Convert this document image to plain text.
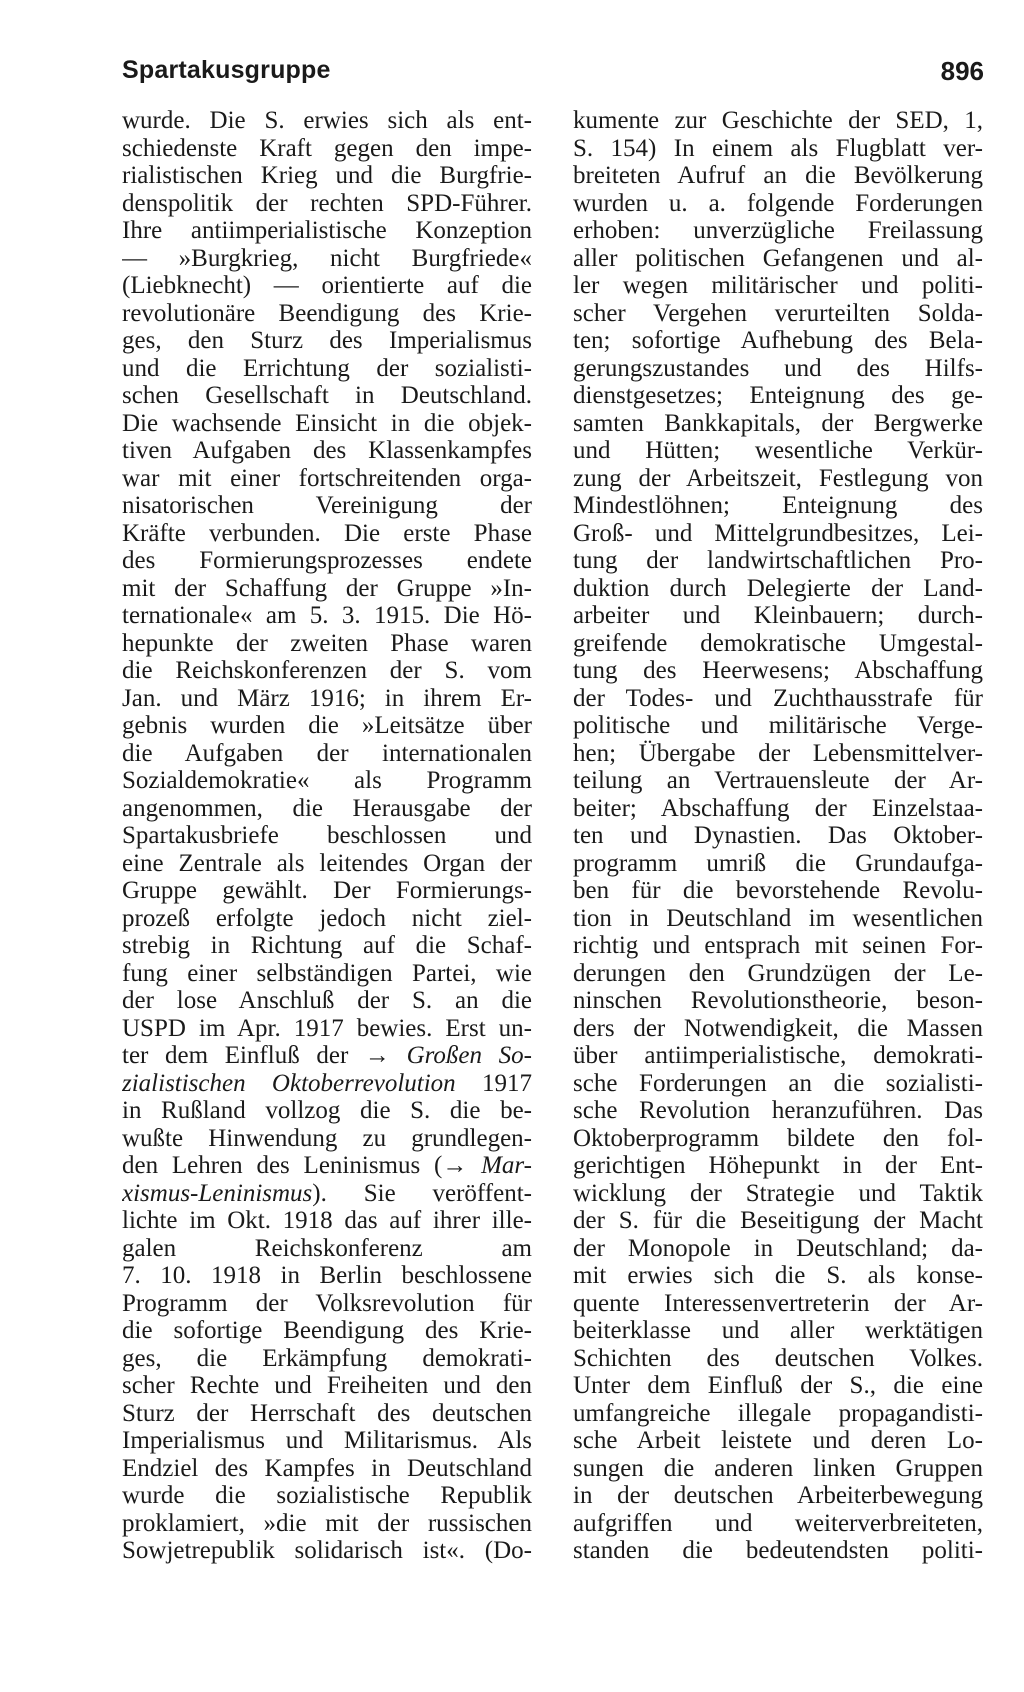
Spartakusgruppe	896
wurde. Die S. erwies sich als ent-
schiedenste Kraft gegen den impe-
rialistischen Krieg und die Burgfrie-
denspolitik der rechten SPD-Führer.
Ihre antiimperialistische Konzeption
— »Burgkrieg, nicht Burgfriede«
(Liebknecht) — orientierte auf die
revolutionäre Beendigung des Krie-
ges, den Sturz des Imperialismus
und die Errichtung der sozialisti-
schen Gesellschaft in Deutschland.
Die wachsende Einsicht in die objek-
tiven Aufgaben des Klassenkampfes
war mit einer fortschreitenden orga-
nisatorischen Vereinigung der
Kräfte verbunden. Die erste Phase
des Formierungsprozesses endete
mit der Schaffung der Gruppe »In-
ternationale« am 5. 3. 1915. Die Hö-
hepunkte der zweiten Phase waren
die Reichskonferenzen der S. vom
Jan. und März 1916; in ihrem Er-
gebnis wurden die »Leitsätze über
die Aufgaben der internationalen
Sozialdemokratie« als Programm
angenommen, die Herausgabe der
Spartakusbriefe beschlossen und
eine Zentrale als leitendes Organ der
Gruppe gewählt. Der Formierungs-
prozeß erfolgte jedoch nicht ziel-
strebig in Richtung auf die Schaf-
fung einer selbständigen Partei, wie
der lose Anschluß der S. an die
USPD im Apr. 1917 bewies. Erst un-
ter dem Einfluß der → Großen So-
zialistischen Oktoberrevolution 1917
in Rußland vollzog die S. die be-
wußte Hinwendung zu grundlegen-
den Lehren des Leninismus (→ Mar-
xismus-Leninismus). Sie veröffent-
lichte im Okt. 1918 das auf ihrer ille-
galen Reichskonferenz am
7. 10. 1918 in Berlin beschlossene
Programm der Volksrevolution für
die sofortige Beendigung des Krie-
ges, die Erkämpfung demokrati-
scher Rechte und Freiheiten und den
Sturz der Herrschaft des deutschen
Imperialismus und Militarismus. Als
Endziel des Kampfes in Deutschland
wurde die sozialistische Republik
proklamiert, »die mit der russischen
Sowjetrepublik solidarisch ist«. (Do-
kumente zur Geschichte der SED, 1,
S. 154) In einem als Flugblatt ver-
breiteten Aufruf an die Bevölkerung
wurden u. a. folgende Forderungen
erhoben: unverzügliche Freilassung
aller politischen Gefangenen und al-
ler wegen militärischer und politi-
scher Vergehen verurteilten Solda-
ten; sofortige Aufhebung des Bela-
gerungszustandes und des Hilfs-
dienstgesetzes; Enteignung des ge-
samten Bankkapitals, der Bergwerke
und Hütten; wesentliche Verkür-
zung der Arbeitszeit, Festlegung von
Mindestlöhnen; Enteignung des
Groß- und Mittelgrundbesitzes, Lei-
tung der landwirtschaftlichen Pro-
duktion durch Delegierte der Land-
arbeiter und Kleinbauern; durch-
greifende demokratische Umgestal-
tung des Heerwesens; Abschaffung
der Todes- und Zuchthausstrafe für
politische und militärische Verge-
hen; Übergabe der Lebensmittelver-
teilung an Vertrauensleute der Ar-
beiter; Abschaffung der Einzelstaa-
ten und Dynastien. Das Oktober-
programm umriß die Grundaufga-
ben für die bevorstehende Revolu-
tion in Deutschland im wesentlichen
richtig und entsprach mit seinen For-
derungen den Grundzügen der Le-
ninschen Revolutionstheorie, beson-
ders der Notwendigkeit, die Massen
über antiimperialistische, demokrati-
sche Forderungen an die sozialisti-
sche Revolution heranzuführen. Das
Oktoberprogramm bildete den fol-
gerichtigen Höhepunkt in der Ent-
wicklung der Strategie und Taktik
der S. für die Beseitigung der Macht
der Monopole in Deutschland; da-
mit erwies sich die S. als konse-
quente Interessenvertreterin der Ar-
beiterklasse und aller werktätigen
Schichten des deutschen Volkes.
Unter dem Einfluß der S., die eine
umfangreiche illegale propagandisti-
sche Arbeit leistete und deren Lo-
sungen die anderen linken Gruppen
in der deutschen Arbeiterbewegung
aufgriffen und weiterverbreiteten,
standen die bedeutendsten politi-
